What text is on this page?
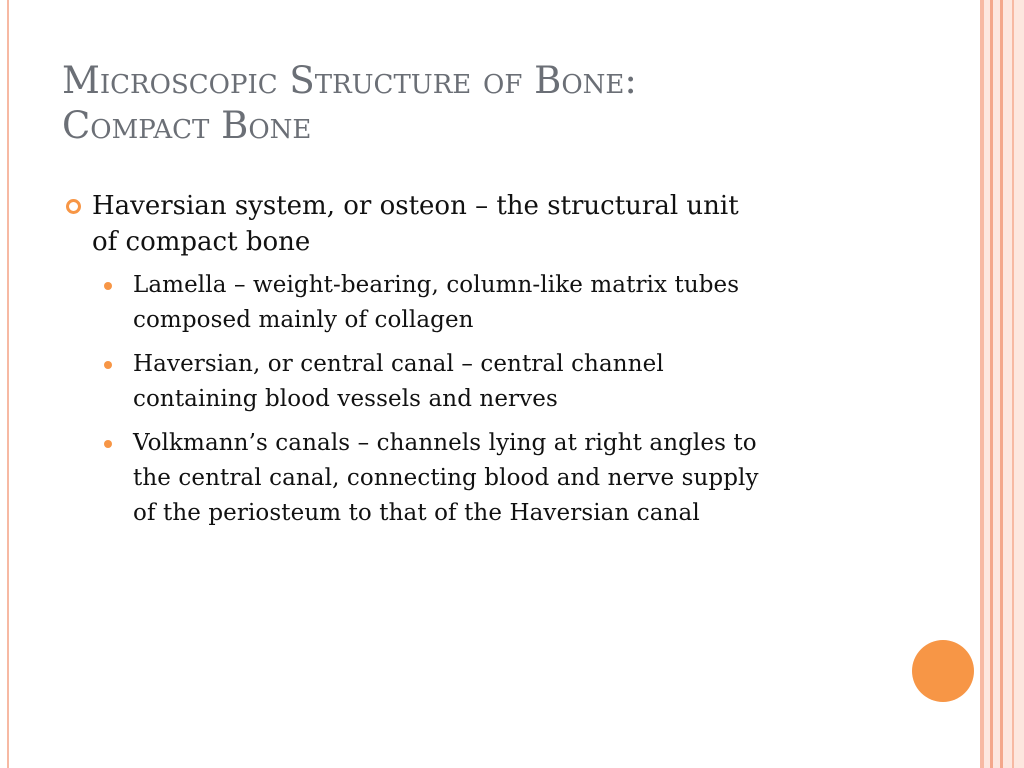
Microscopic Structure of Bone:
Compact Bone
Haversian system, or osteon – the structural unit
of compact bone
Lamella – weight-bearing, column-like matrix tubes
composed mainly of collagen
Haversian, or central canal – central channel
containing blood vessels and nerves
Volkmann’s canals – channels lying at right angles to
the central canal, connecting blood and nerve supply
of the periosteum to that of the Haversian canal
